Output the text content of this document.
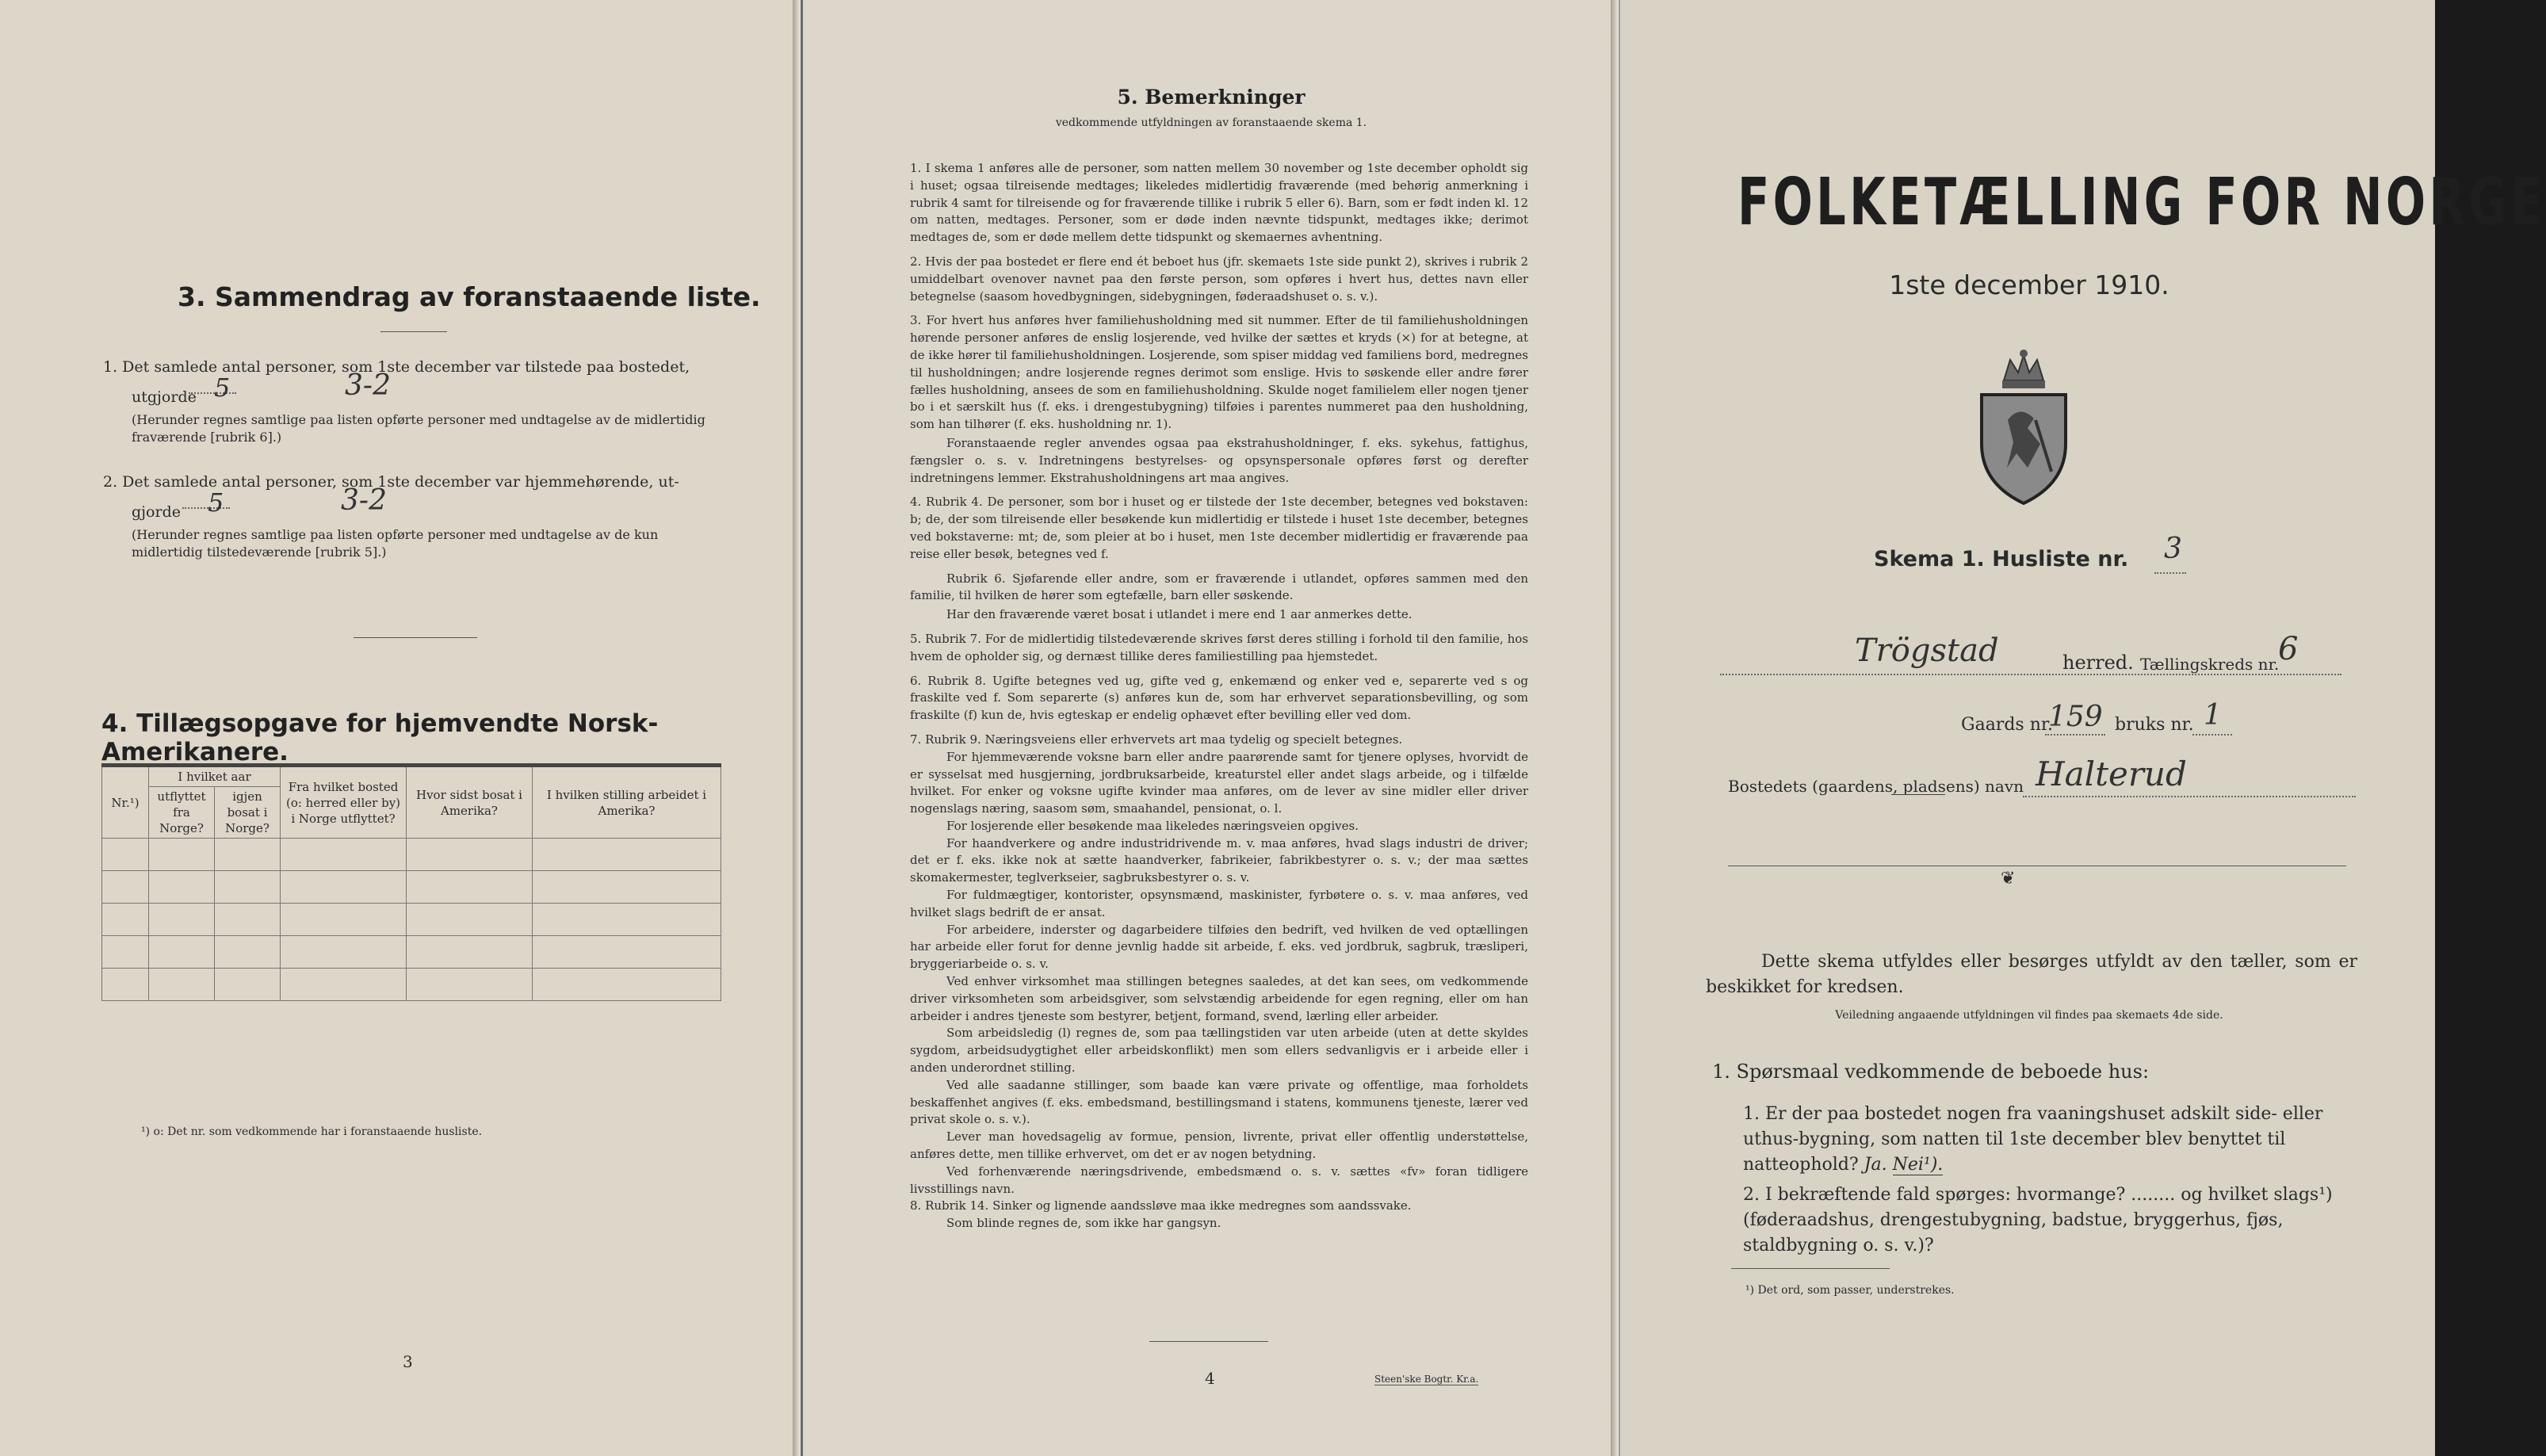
3. Sammendrag av foranstaaende liste.
1. Det samlede antal personer, som 1ste december var tilstede paa bostedet,
utgjorde 5	3-2
(Herunder regnes samtlige paa listen opførte personer med undtagelse av de midlertidig fraværende [rubrik 6].)
2. Det samlede antal personer, som 1ste december var hjemmehørende, ut-
gjorde 5	3-2
(Herunder regnes samtlige paa listen opførte personer med undtagelse av de kun midlertidig tilstedeværende [rubrik 5].)
4. Tillægsopgave for hjemvendte Norsk-Amerikanere.
Nr.¹)	I hvilket aar		Fra hvilket bosted (o: herred eller by) i Norge utflyttet?	Hvor sidst bosat i Amerika?	I hvilken stilling arbeidet i Amerika?
	utflyttet fra Norge?	igjen bosat i Norge?			

¹) o: Det nr. som vedkommende har i foranstaaende husliste.
3
5. Bemerkninger
vedkommende utfyldningen av foranstaaende skema 1.

1. I skema 1 anføres alle de personer, som natten mellem 30 november og 1ste december opholdt sig i huset; ogsaa tilreisende medtages; likeledes midlertidig fraværende (med behørig anmerkning i rubrik 4 samt for tilreisende og for fraværende tillike i rubrik 5 eller 6). Barn, som er født inden kl. 12 om natten, medtages. Personer, som er døde inden nævnte tidspunkt, medtages ikke; derimot medtages de, som er døde mellem dette tidspunkt og skemaernes avhentning.

2. Hvis der paa bostedet er flere end ét beboet hus (jfr. skemaets 1ste side punkt 2), skrives i rubrik 2 umiddelbart ovenover navnet paa den første person, som opføres i hvert hus, dettes navn eller betegnelse (saasom hovedbygningen, sidebygningen, føderaadshuset o. s. v.).

3. For hvert hus anføres hver familiehusholdning med sit nummer. Efter de til familiehusholdningen hørende personer anføres de enslig losjerende, ved hvilke der sættes et kryds (×) for at betegne, at de ikke hører til familiehusholdningen. Losjerende, som spiser middag ved familiens bord, medregnes til husholdningen; andre losjerende regnes derimot som enslige. Hvis to søskende eller andre fører fælles husholdning, ansees de som en familiehusholdning. Skulde noget familielem eller nogen tjener bo i et særskilt hus (f. eks. i drengestubygning) tilføies i parentes nummeret paa den husholdning, som han tilhører (f. eks. husholdning nr. 1).

Foranstaaende regler anvendes ogsaa paa ekstrahusholdninger, f. eks. sykehus, fattighus, fængsler o. s. v. Indretningens bestyrelses- og opsynspersonale opføres først og derefter indretningens lemmer. Ekstrahusholdningens art maa angives.

4. Rubrik 4. De personer, som bor i huset og er tilstede der 1ste december, betegnes ved bokstaven: b; de, der som tilreisende eller besøkende kun midlertidig er tilstede i huset 1ste december, betegnes ved bokstaverne: mt; de, som pleier at bo i huset, men 1ste december midlertidig er fraværende paa reise eller besøk, betegnes ved f.

Rubrik 6. Sjøfarende eller andre, som er fraværende i utlandet, opføres sammen med den familie, til hvilken de hører som egtefælle, barn eller søskende.

Har den fraværende været bosat i utlandet i mere end 1 aar anmerkes dette.

5. Rubrik 7. For de midlertidig tilstedeværende skrives først deres stilling i forhold til den familie, hos hvem de opholder sig, og dernæst tillike deres familiestilling paa hjemstedet.

6. Rubrik 8. Ugifte betegnes ved ug, gifte ved g, enkemænd og enker ved e, separerte ved s og fraskilte ved f. Som separerte (s) anføres kun de, som har erhvervet separationsbevilling, og som fraskilte (f) kun de, hvis egteskap er endelig ophævet efter bevilling eller ved dom.

7. Rubrik 9. Næringsveiens eller erhvervets art maa tydelig og specielt betegnes.

For hjemmeværende voksne barn eller andre paarørende samt for tjenere oplyses, hvorvidt de er sysselsat med husgjerning, jordbruksarbeide, kreaturstel eller andet slags arbeide, og i tilfælde hvilket. For enker og voksne ugifte kvinder maa anføres, om de lever av sine midler eller driver nogenslags næring, saasom søm, smaahandel, pensionat, o. l.

For losjerende eller besøkende maa likeledes næringsveien opgives.

For haandverkere og andre industridrivende m. v. maa anføres, hvad slags industri de driver; det er f. eks. ikke nok at sætte haandverker, fabrikeier, fabrikbestyrer o. s. v.; der maa sættes skomakermester, teglverkseier, sagbruksbestyrer o. s. v.

For fuldmægtiger, kontorister, opsynsmænd, maskinister, fyrbøtere o. s. v. maa anføres, ved hvilket slags bedrift de er ansat.

For arbeidere, inderster og dagarbeidere tilføies den bedrift, ved hvilken de ved optællingen har arbeide eller forut for denne jevnlig hadde sit arbeide, f. eks. ved jordbruk, sagbruk, træsliperi, bryggeriarbeide o. s. v.

Ved enhver virksomhet maa stillingen betegnes saaledes, at det kan sees, om vedkommende driver virksomheten som arbeidsgiver, som selvstændig arbeidende for egen regning, eller om han arbeider i andres tjeneste som bestyrer, betjent, formand, svend, lærling eller arbeider.

Som arbeidsledig (l) regnes de, som paa tællingstiden var uten arbeide (uten at dette skyldes sygdom, arbeidsudygtighet eller arbeidskonflikt) men som ellers sedvanligvis er i arbeide eller i anden underordnet stilling.

Ved alle saadanne stillinger, som baade kan være private og offentlige, maa forholdets beskaffenhet angives (f. eks. embedsmand, bestillingsmand i statens, kommunens tjeneste, lærer ved privat skole o. s. v.).

Lever man hovedsagelig av formue, pension, livrente, privat eller offentlig understøttelse, anføres dette, men tillike erhvervet, om det er av nogen betydning.

Ved forhenværende næringsdrivende, embedsmænd o. s. v. sættes «fv» foran tidligere livsstillings navn.

8. Rubrik 14. Sinker og lignende aandssløve maa ikke medregnes som aandssvake.

Som blinde regnes de, som ikke har gangsyn.

4	Steen'ske Bogtr. Kr.a.
FOLKETÆLLING FOR NORGE
1ste december 1910.
Skema 1. Husliste nr. 3
Trögstad	herred. Tællingskreds nr.
6
Gaards nr.
159 bruks nr. 1
Bostedets (gaardens, pladsens) navn Halterud
❦
Dette skema utfyldes eller besørges utfyldt av den tæller, som er beskikket for kredsen.
Veiledning angaaende utfyldningen vil findes paa skemaets 4de side.
1. Spørsmaal vedkommende de beboede hus:
1. Er der paa bostedet nogen fra vaaningshuset adskilt side- eller uthus-bygning, som natten til 1ste december blev benyttet til natteophold? Ja. Nei¹).
2. I bekræftende fald spørges: hvormange? ........ og hvilket slags¹) (føderaadshus, drengestubygning, badstue, bryggerhus, fjøs, staldbygning o. s. v.)?
¹) Det ord, som passer, understrekes.
